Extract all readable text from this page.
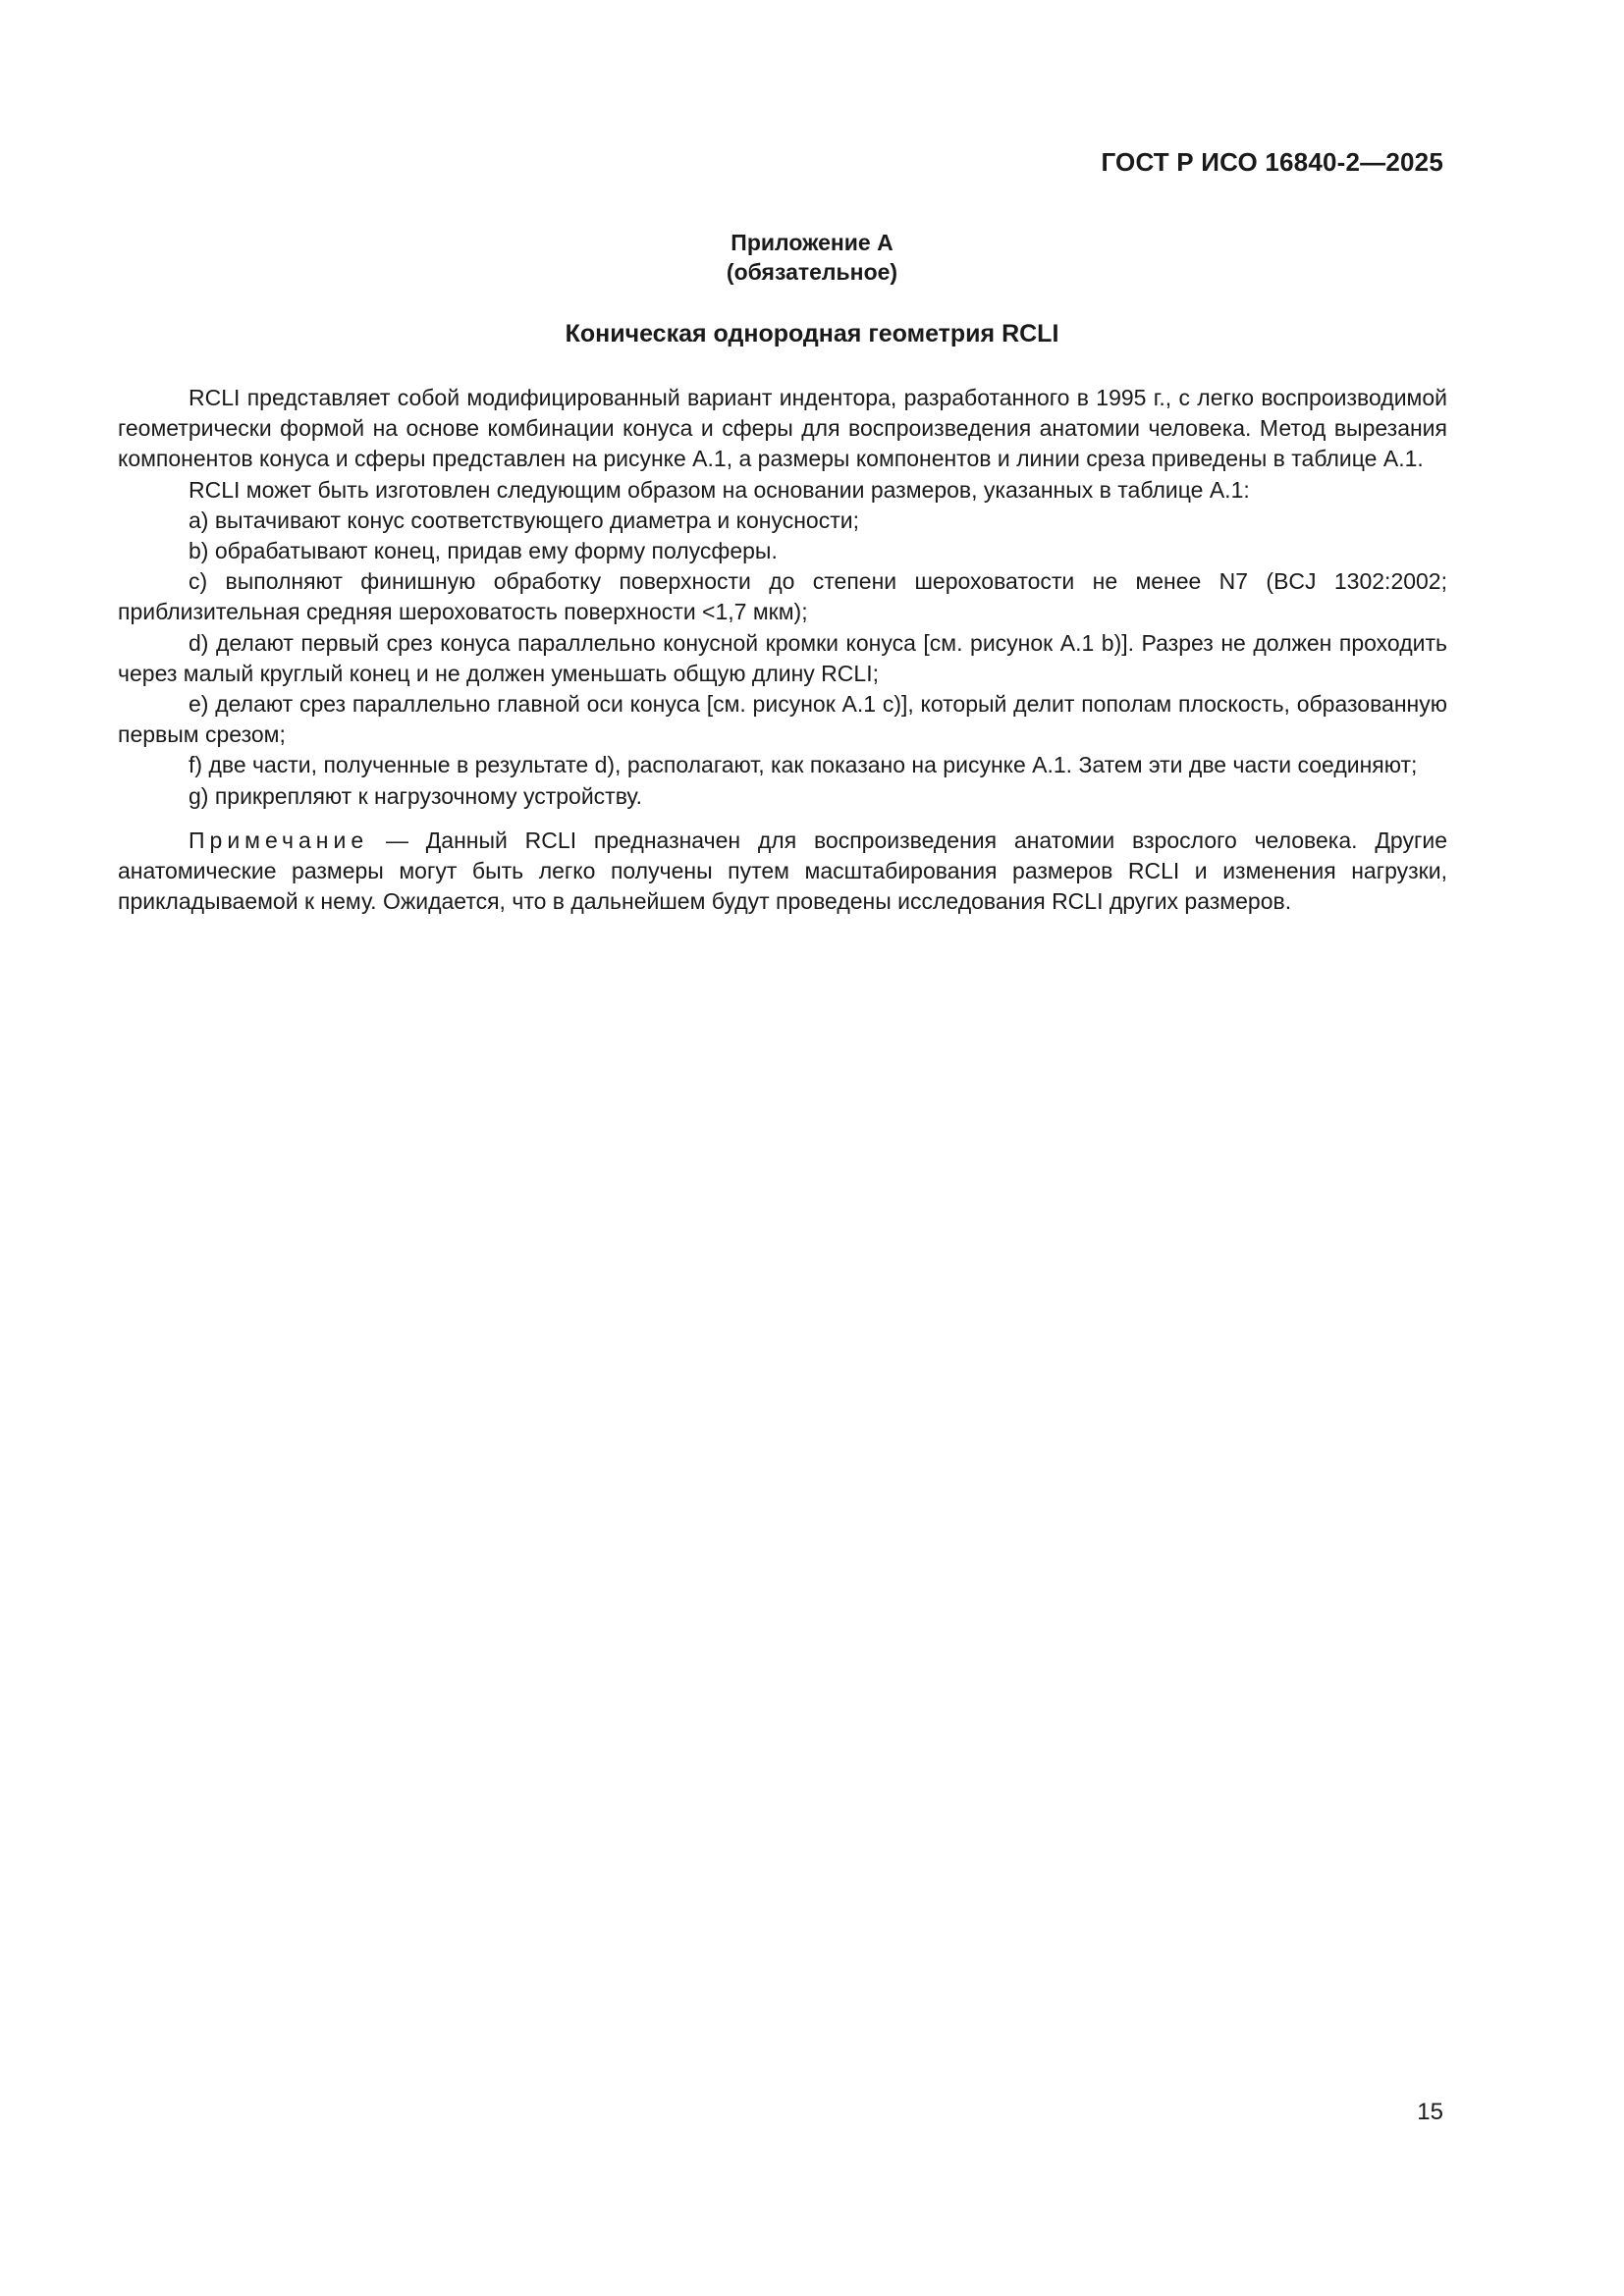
ГОСТ Р ИСО 16840-2—2025
Приложение А
(обязательное)
Коническая однородная геометрия RCLI

RCLI представляет собой модифицированный вариант индентора, разработанного в 1995 г., с легко воспроизводимой геометрически формой на основе комбинации конуса и сферы для воспроизведения анатомии человека. Метод вырезания компонентов конуса и сферы представлен на рисунке А.1, а размеры компонентов и линии среза приведены в таблице А.1.

RCLI может быть изготовлен следующим образом на основании размеров, указанных в таблице А.1:

a) вытачивают конус соответствующего диаметра и конусности;

b) обрабатывают конец, придав ему форму полусферы.

c) выполняют финишную обработку поверхности до степени шероховатости не менее N7 (BCJ 1302:2002; приблизительная средняя шероховатость поверхности <1,7 мкм);

d) делают первый срез конуса параллельно конусной кромки конуса [см. рисунок А.1 b)]. Разрез не должен проходить через малый круглый конец и не должен уменьшать общую длину RCLI;

e) делают срез параллельно главной оси конуса [см. рисунок А.1 c)], который делит пополам плоскость, образованную первым срезом;

f) две части, полученные в результате d), располагают, как показано на рисунке А.1. Затем эти две части соединяют;

g) прикрепляют к нагрузочному устройству.

Примечание — Данный RCLI предназначен для воспроизведения анатомии взрослого человека. Другие анатомические размеры могут быть легко получены путем масштабирования размеров RCLI и изменения нагрузки, прикладываемой к нему. Ожидается, что в дальнейшем будут проведены исследования RCLI других размеров.

15
